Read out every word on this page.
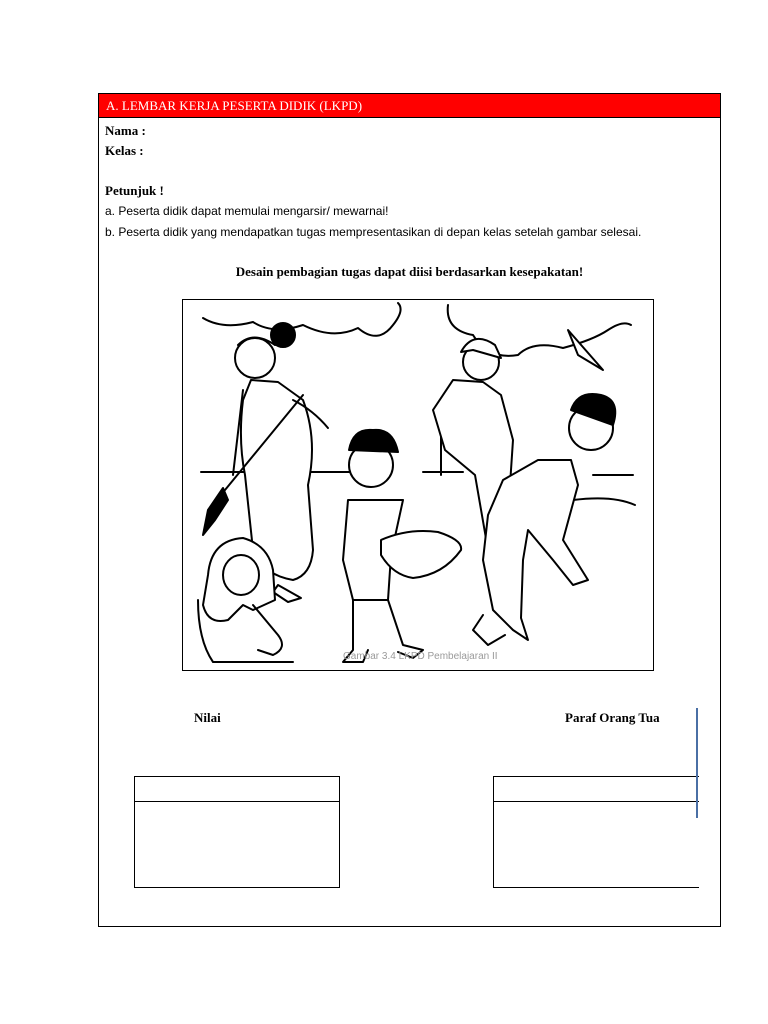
A. LEMBAR KERJA PESERTA DIDIK (LKPD)
Nama :
Kelas :
Petunjuk !
a. Peserta didik dapat memulai mengarsir/ mewarnai!
b. Peserta didik yang mendapatkan tugas mempresentasikan di depan kelas setelah gambar selesai.
Desain pembagian tugas dapat diisi berdasarkan kesepakatan!
Gambar 3.4 LKPD Pembelajaran II
Nilai	Paraf Orang Tua
